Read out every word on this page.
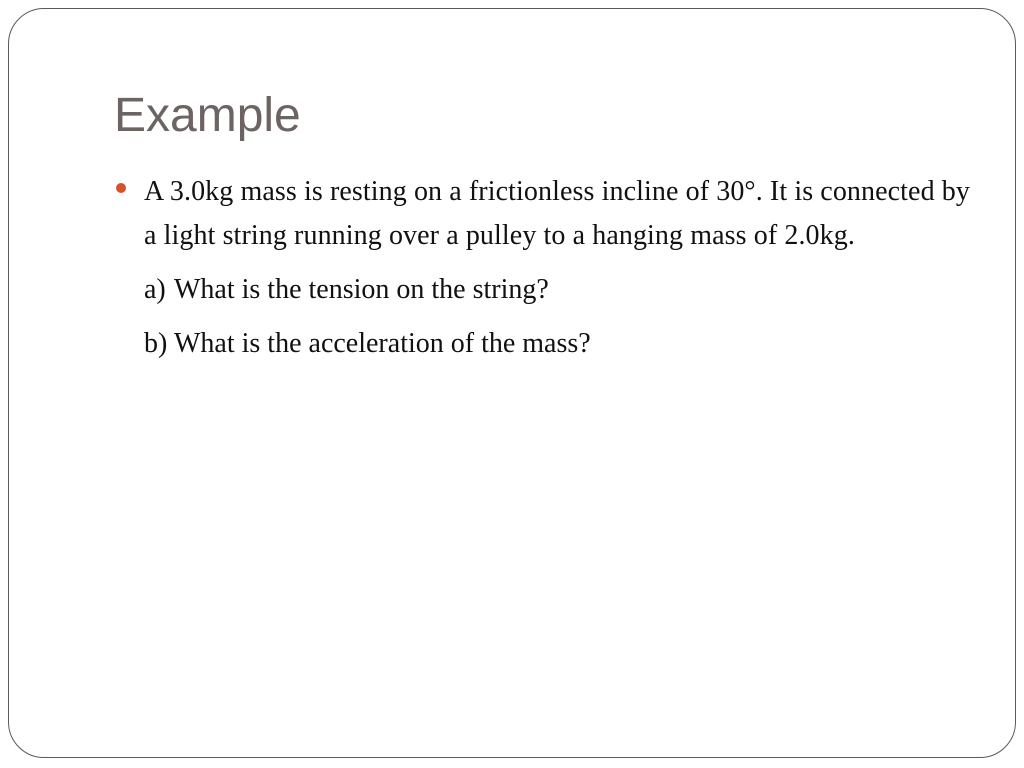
Example

A 3.0kg mass is resting on a frictionless incline of 30°. It is connected by a light string running over a pulley to a hanging mass of 2.0kg.

a) What is the tension on the string?

b) What is the acceleration of the mass?
